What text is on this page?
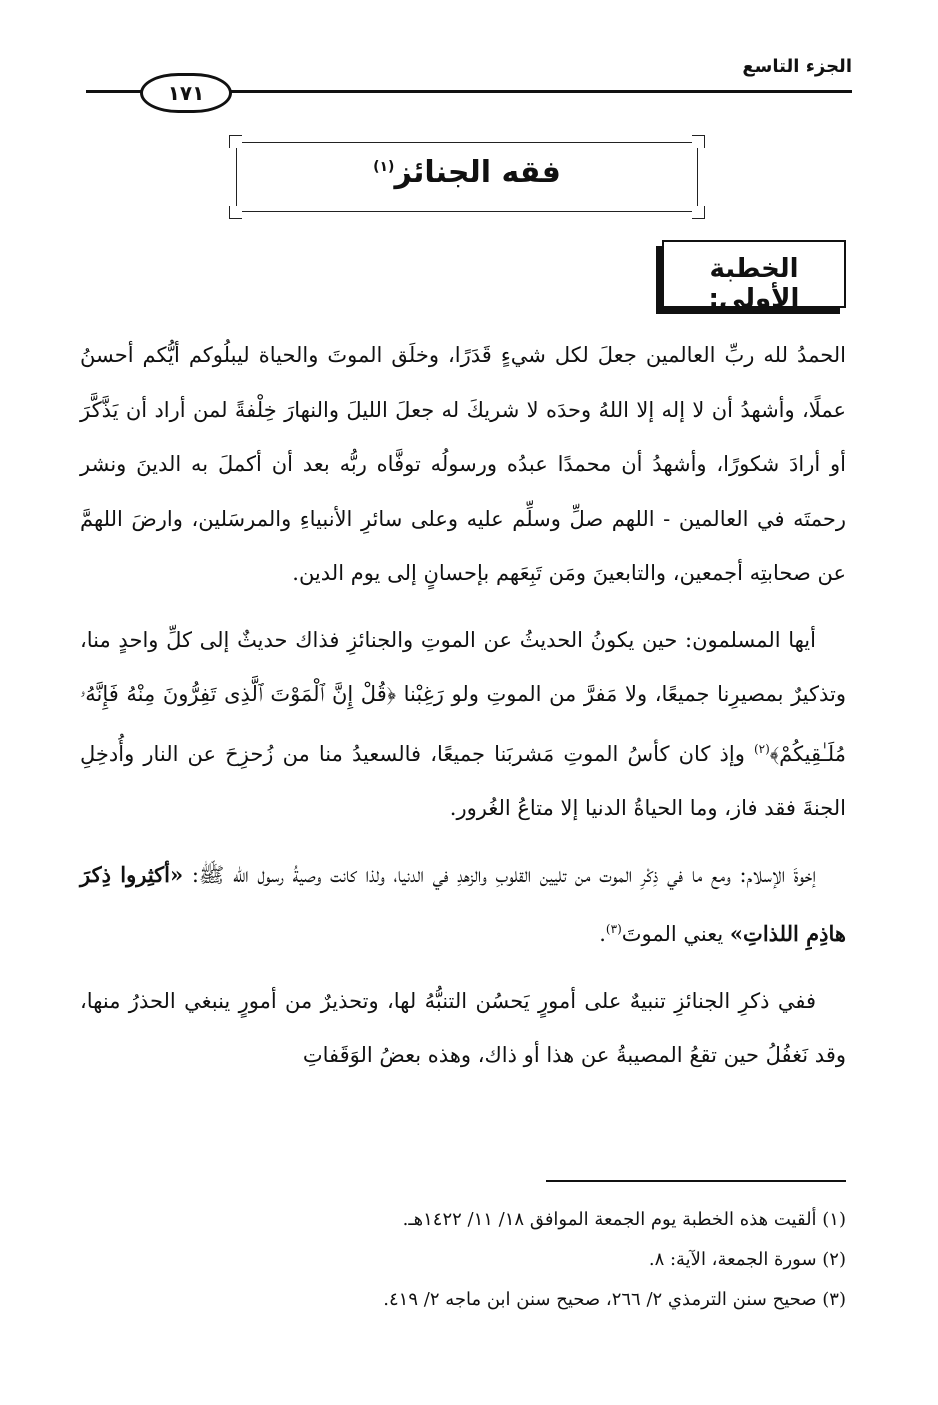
الجزء التاسع
١٧١
فقه الجنائز$^{(١)}$
الخطبة الأولى:

الحمدُ لله ربِّ العالمين جعلَ لكل شيءٍ قَدَرًا، وخلَق الموتَ والحياة ليبلُوكم أيُّكم أحسنُ عملًا، وأشهدُ أن لا إله إلا اللهُ وحدَه لا شريكَ له جعلَ الليلَ والنهارَ خِلْفةً لمن أراد أن يَذَّكَّرَ أو أرادَ شكورًا، وأشهدُ أن محمدًا عبدُه ورسولُه توفَّاه ربُّه بعد أن أكملَ به الدينَ ونشر رحمتَه في العالمين - اللهم صلِّ وسلِّم عليه وعلى سائرِ الأنبياءِ والمرسَلين، وارضَ اللهمَّ عن صحابتِه أجمعين، والتابعينَ ومَن تَبِعَهم بإحسانٍ إلى يوم الدين.

أيها المسلمون: حين يكونُ الحديثُ عن الموتِ والجنائزِ فذاك حديثٌ إلى كلِّ واحدٍ منا، وتذكيرٌ بمصيرِنا جميعًا، ولا مَفرَّ من الموتِ ولو رَغِبْنا ﴿قُلْ إِنَّ ٱلْمَوْتَ ٱلَّذِى تَفِرُّونَ مِنْهُ فَإِنَّهُۥ مُلَـٰقِيكُمْ﴾$^{(٢)}$ وإذ كان كأسُ الموتِ مَشربَنا جميعًا، فالسعيدُ منا من زُحزِحَ عن النار وأُدخِلِ الجنةَ فقد فاز، وما الحياةُ الدنيا إلا متاعُ الغُرور.

إخوةَ الإسلام: ومع ما في ذِكْرِ الموت من تليين القلوبِ والزهدِ في الدنيا، ولذا كانت وصيةُ رسول الله ﷺ: «أكثِروا ذِكرَ هاذِمِ اللذاتِ» يعني الموتَ$^{(٣)}$.

ففي ذكرِ الجنائزِ تنبيهٌ على أمورٍ يَحسُن التنبُّهُ لها، وتحذيرٌ من أمورٍ ينبغي الحذرُ منها، وقد نَغفُلُ حين تقعُ المصيبةُ عن هذا أو ذاك، وهذه بعضُ الوَقَفاتِ

(١) ألقيت هذه الخطبة يوم الجمعة الموافق ١٨/ ١١/ ١٤٢٢هـ.
(٢) سورة الجمعة، الآية: ٨.
(٣) صحيح سنن الترمذي ٢/ ٢٦٦، صحيح سنن ابن ماجه ٢/ ٤١٩.
